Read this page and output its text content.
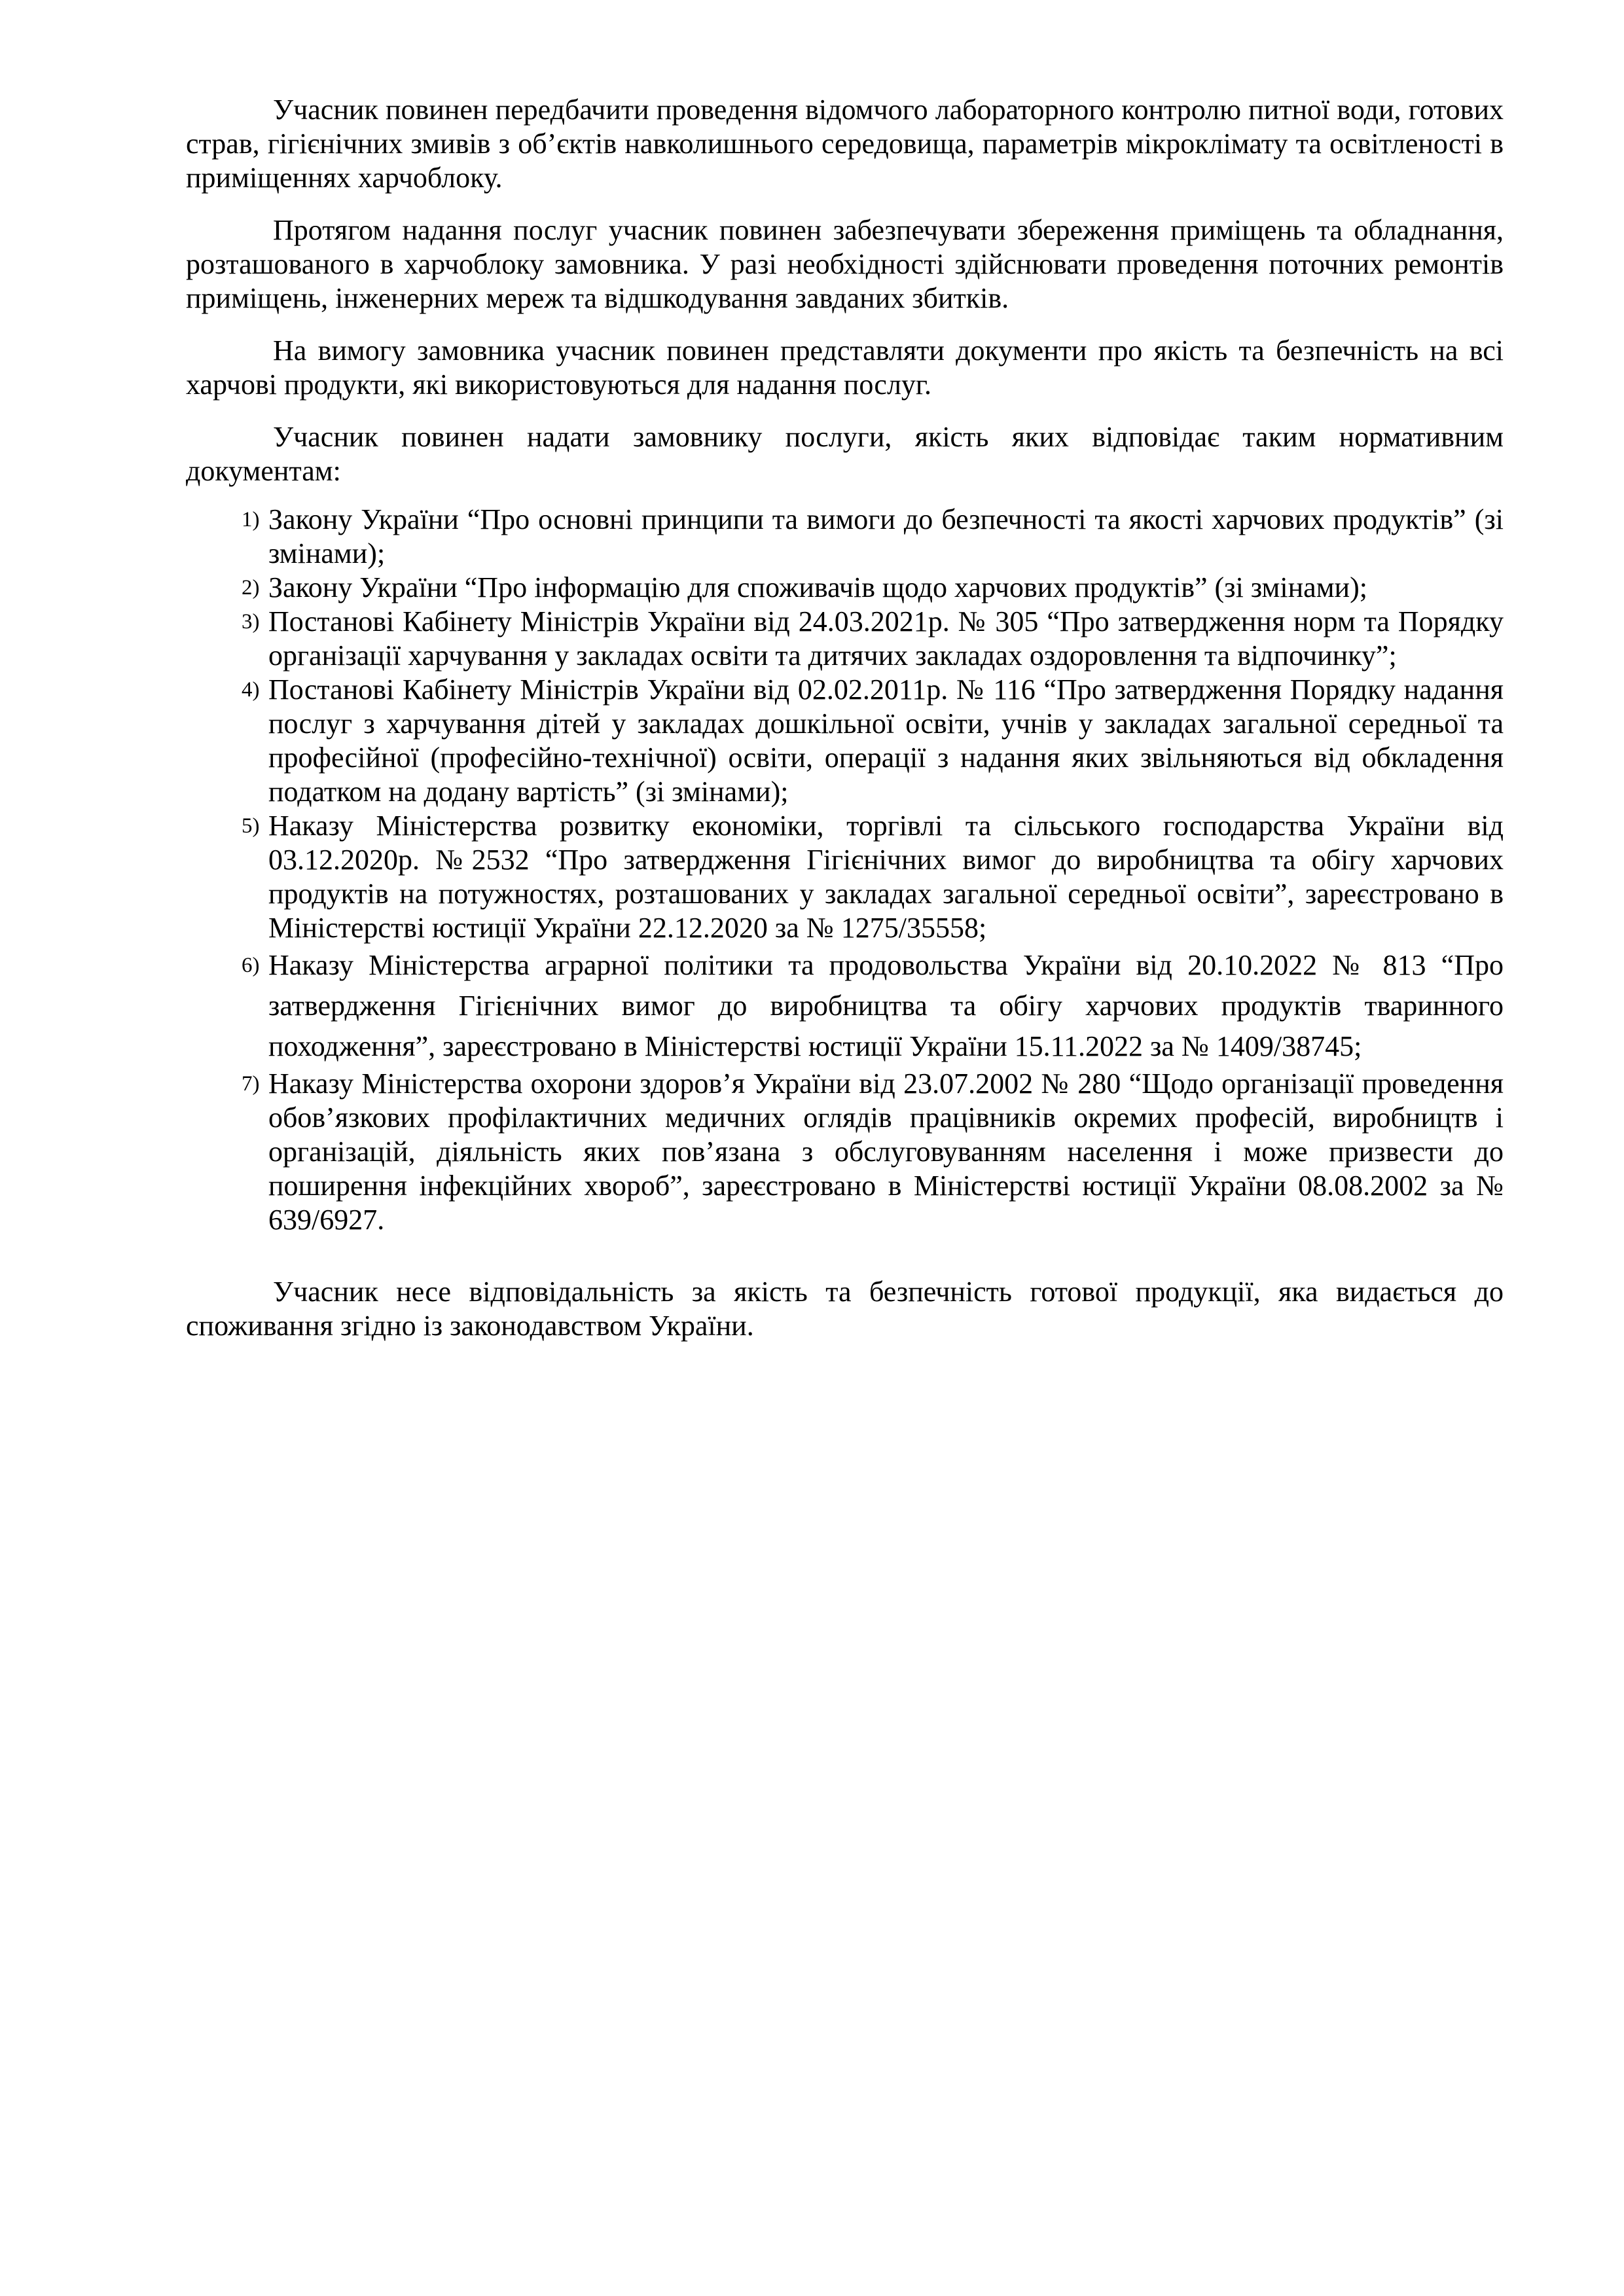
Учасник повинен передбачити проведення відомчого лабораторного контролю питної води, готових страв, гігієнічних змивів з об’єктів навколишнього середовища, параметрів мікроклімату та освітленості в приміщеннях харчоблоку.

Протягом надання послуг учасник повинен забезпечувати збереження приміщень та обладнання, розташованого в харчоблоку замовника. У разі необхідності здійснювати проведення поточних ремонтів приміщень, інженерних мереж та відшкодування завданих збитків.

На вимогу замовника учасник повинен представляти документи про якість та безпечність на всі харчові продукти, які використовуються для надання послуг.

Учасник повинен надати замовнику послуги, якість яких відповідає таким нормативним документам:

1) Закону України “Про основні принципи та вимоги до безпечності та якості харчових продуктів” (зі змінами);
2) Закону України “Про інформацію для споживачів щодо харчових продуктів” (зі змінами);
3) Постанові Кабінету Міністрів України від 24.03.2021р. № 305 “Про затвердження норм та Порядку організації харчування у закладах освіти та дитячих закладах оздоровлення та відпочинку”;
4) Постанові Кабінету Міністрів України від 02.02.2011р. № 116 “Про затвердження Порядку надання послуг з харчування дітей у закладах дошкільної освіти, учнів у закладах загальної середньої та професійної (професійно-технічної) освіти, операції з надання яких звільняються від обкладення податком на додану вартість” (зі змінами);
5) Наказу Міністерства розвитку економіки, торгівлі та сільського господарства України від 03.12.2020р. №2532 “Про затвердження Гігієнічних вимог до виробництва та обігу харчових продуктів на потужностях, розташованих у закладах загальної середньої освіти”, зареєстровано в Міністерстві юстиції України 22.12.2020 за № 1275/35558;
6) Наказу Міністерства аграрної політики та продовольства України від 20.10.2022 № 813 “Про затвердження Гігієнічних вимог до виробництва та обігу харчових продуктів тваринного походження”, зареєстровано в Міністерстві юстиції України 15.11.2022 за № 1409/38745;
7) Наказу Міністерства охорони здоров’я України від 23.07.2002 № 280 “Щодо організації проведення обов’язкових профілактичних медичних оглядів працівників окремих професій, виробництв і організацій, діяльність яких пов’язана з обслуговуванням населення і може призвести до поширення інфекційних хвороб”, зареєстровано в Міністерстві юстиції України 08.08.2002 за № 639/6927.

Учасник несе відповідальність за якість та безпечність готової продукції, яка видається до споживання згідно із законодавством України.
